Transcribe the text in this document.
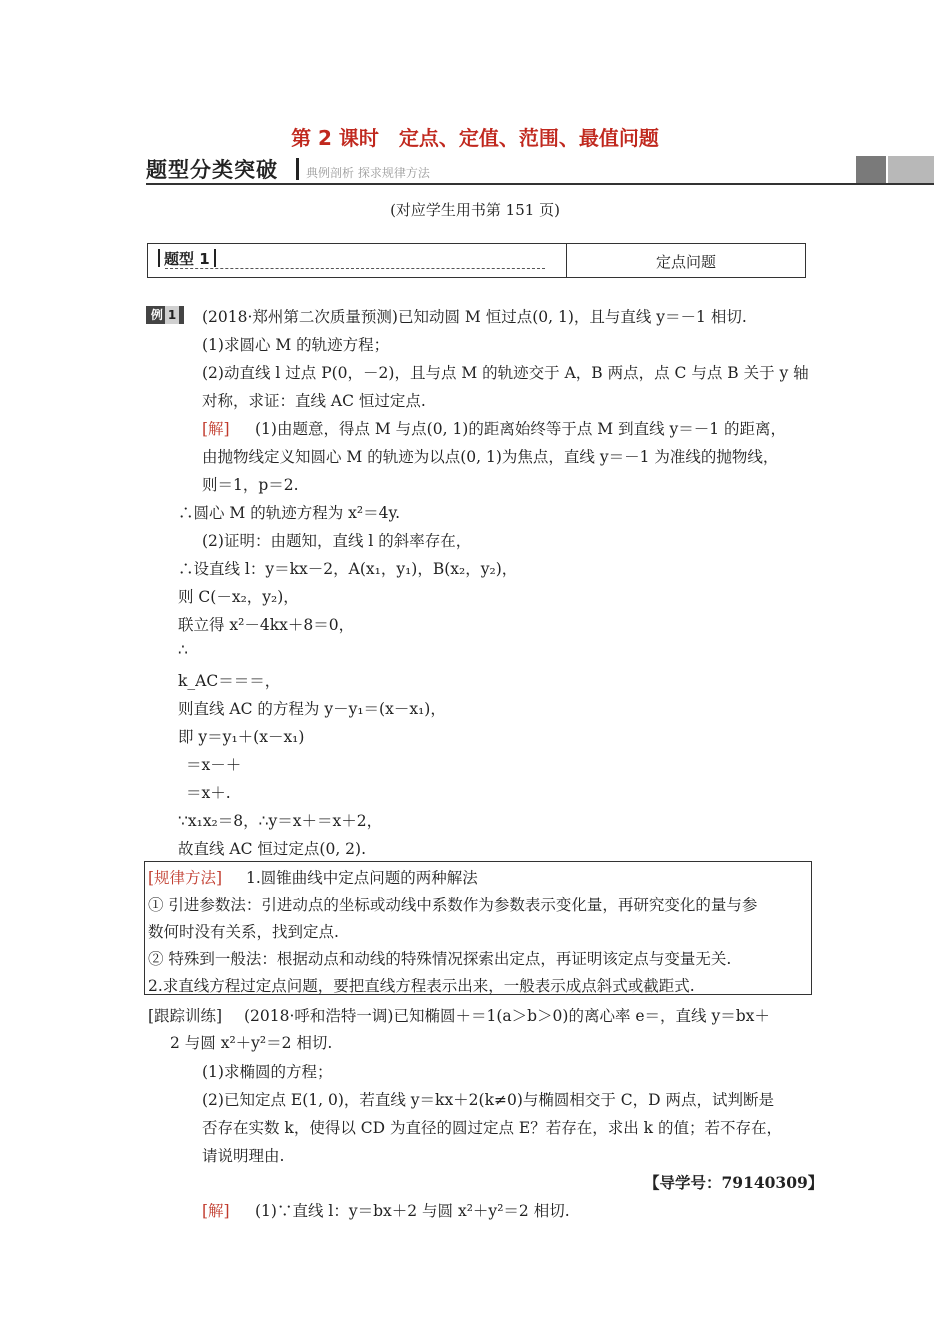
第 2 课时　定点、定值、范围、最值问题
题型分类突破 典例剖析 探求规律方法
(对应学生用书第 151 页)
题型 1	定点问题
例 1	(2018·郑州第二次质量预测)已知动圆 M 恒过点(0, 1)，且与直线 y＝－1 相切.
(1)求圆心 M 的轨迹方程；
(2)动直线 l 过点 P(0，－2)，且与点 M 的轨迹交于 A，B 两点，点 C 与点 B 关于 y 轴
对称，求证：直线 AC 恒过定点.
[解] (1)由题意，得点 M 与点(0, 1)的距离始终等于点 M 到直线 y＝－1 的距离，
由抛物线定义知圆心 M 的轨迹为以点(0, 1)为焦点，直线 y＝－1 为准线的抛物线，
则＝1，p＝2.
∴圆心 M 的轨迹方程为 x²＝4y.
(2)证明：由题知，直线 l 的斜率存在，
∴设直线 l：y＝kx－2，A(x₁，y₁)，B(x₂，y₂)，
则 C(－x₂，y₂)，
联立得 x²－4kx＋8＝0，
∴
k_AC＝＝＝，
则直线 AC 的方程为 y－y₁＝(x－x₁)，
即 y＝y₁＋(x－x₁)
＝x－＋
＝x＋.
∵x₁x₂＝8，∴y＝x＋＝x＋2，
故直线 AC 恒过定点(0, 2).
[规律方法] 1.圆锥曲线中定点问题的两种解法
① 引进参数法：引进动点的坐标或动线中系数作为参数表示变化量，再研究变化的量与参
数何时没有关系，找到定点.
② 特殊到一般法：根据动点和动线的特殊情况探索出定点，再证明该定点与变量无关.
2.求直线方程过定点问题，要把直线方程表示出来，一般表示成点斜式或截距式.
[跟踪训练] (2018·呼和浩特一调)已知椭圆＋＝1(a＞b＞0)的离心率 e＝，直线 y＝bx＋
2 与圆 x²＋y²＝2 相切.
(1)求椭圆的方程；
(2)已知定点 E(1, 0)，若直线 y＝kx＋2(k≠0)与椭圆相交于 C，D 两点，试判断是
否存在实数 k，使得以 CD 为直径的圆过定点 E？若存在，求出 k 的值；若不存在，
请说明理由.
【导学号：79140309】
[解] (1)∵直线 l：y＝bx＋2 与圆 x²＋y²＝2 相切.
